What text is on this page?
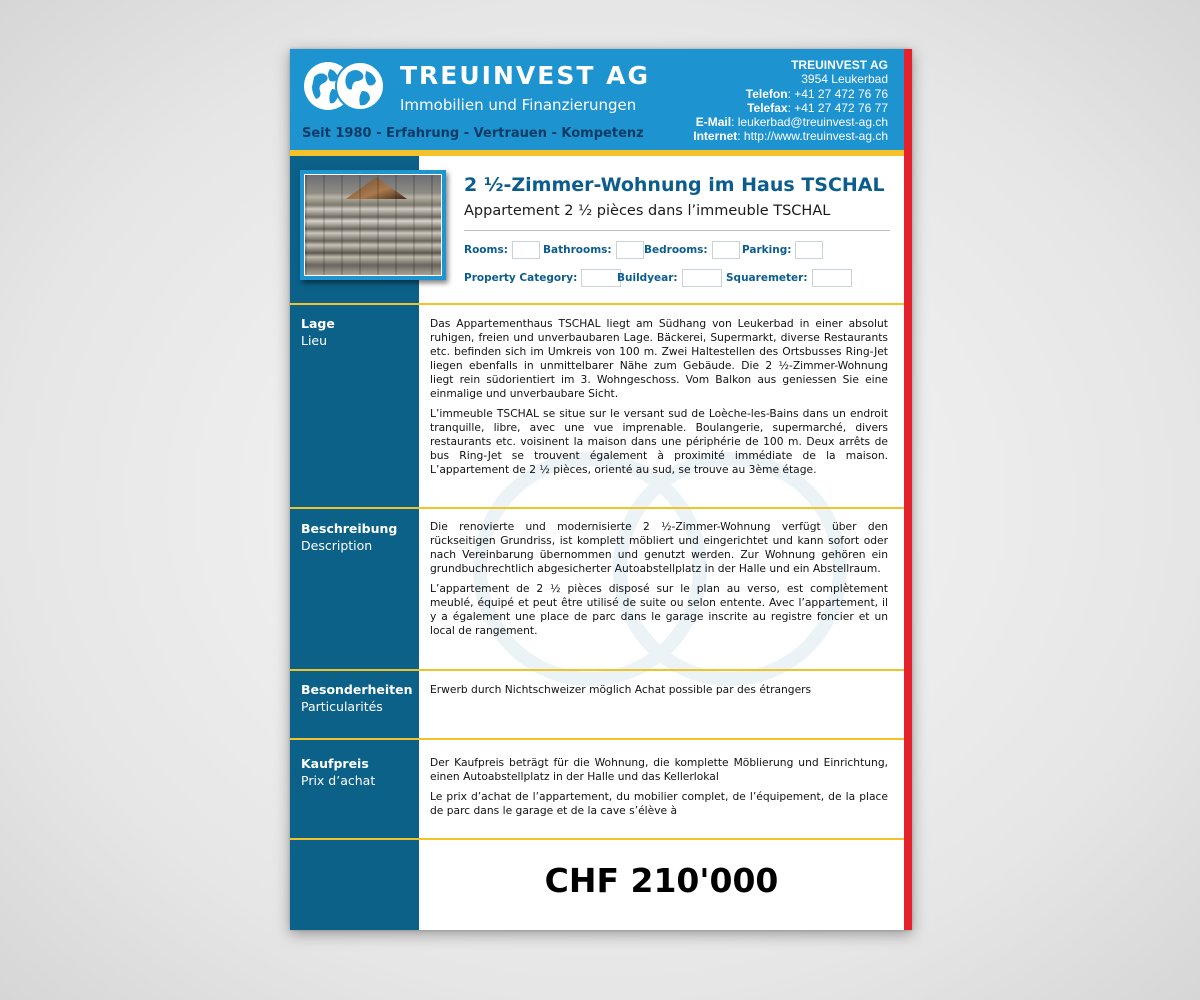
TREUINVEST AG
Immobilien und Finanzierungen
Seit 1980 - Erfahrung - Vertrauen - Kompetenz
TREUINVEST AG
3954 Leukerbad
Telefon: +41 27 472 76 76
Telefax: +41 27 472 76 77
E-Mail: leukerbad@treuinvest-ag.ch
Internet: http://www.treuinvest-ag.ch
2 ½-Zimmer-Wohnung im Haus TSCHAL
Appartement 2 ½ pièces dans l’immeuble TSCHAL
Rooms:	Bathrooms:	Bedrooms:	Parking:
Property Category:	Buildyear:	Squaremeter:
Lage
Lieu

Das Appartementhaus TSCHAL liegt am Südhang von Leukerbad in einer absolut ruhigen, freien und unverbaubaren Lage. Bäckerei, Supermarkt, diverse Restaurants etc. befinden sich im Umkreis von 100 m. Zwei Haltestellen des Ortsbusses Ring-Jet liegen ebenfalls in unmittelbarer Nähe zum Gebäude. Die 2 ½-Zimmer-Wohnung liegt rein südorientiert im 3. Wohngeschoss. Vom Balkon aus geniessen Sie eine einmalige und unverbaubare Sicht.

L’immeuble TSCHAL se situe sur le versant sud de Loèche-les-Bains dans un endroit tranquille, libre, avec une vue imprenable. Boulangerie, supermarché, divers restaurants etc. voisinent la maison dans une périphérie de 100 m. Deux arrêts de bus Ring-Jet se trouvent également à proximité immédiate de la maison. L’appartement de 2 ½ pièces, orienté au sud, se trouve au 3ème étage.

Beschreibung
Description

Die renovierte und modernisierte 2 ½-Zimmer-Wohnung verfügt über den rückseitigen Grundriss, ist komplett möbliert und eingerichtet und kann sofort oder nach Vereinbarung übernommen und genutzt werden. Zur Wohnung gehören ein grundbuchrechtlich abgesicherter Autoabstellplatz in der Halle und ein Abstellraum.

L’appartement de 2 ½ pièces disposé sur le plan au verso, est complètement meublé, équipé et peut être utilisé de suite ou selon entente. Avec l’appartement, il y a également une place de parc dans le garage inscrite au registre foncier et un local de rangement.

Besonderheiten
Particularités

Erwerb durch Nichtschweizer möglich Achat possible par des étrangers

Kaufpreis
Prix d’achat

Der Kaufpreis beträgt für die Wohnung, die komplette Möblierung und Einrichtung, einen Autoabstellplatz in der Halle und das Kellerlokal

Le prix d’achat de l’appartement, du mobilier complet, de l’équipement, de la place de parc dans le garage et de la cave s’élève à

CHF 210'000
